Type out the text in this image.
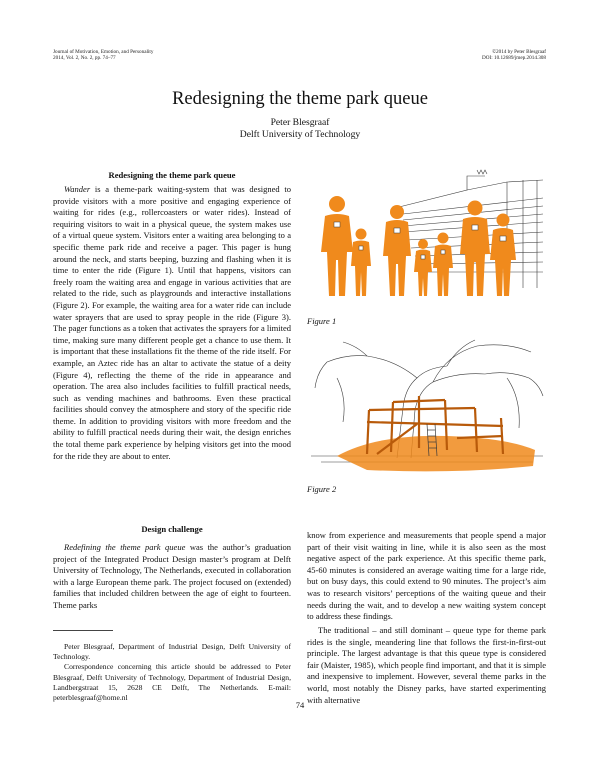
Journal of Motivation, Emotion, and Personality
2014, Vol. 2, No. 2, pp. 74–77
©2014 by Peter Blesgraaf
DOI: 10.12689/jmep.2014.308
Redesigning the theme park queue
Peter Blesgraaf
Delft University of Technology
Redesigning the theme park queue
Wander is a theme-park waiting-system that was designed to provide visitors with a more positive and engaging experience of waiting for rides (e.g., rollercoasters or water rides). Instead of requiring visitors to wait in a physical queue, the system makes use of a virtual queue system. Visitors enter a waiting area belonging to a specific theme park ride and receive a pager. This pager is hung around the neck, and starts beeping, buzzing and flashing when it is time to enter the ride (Figure 1). Until that happens, visitors can freely roam the waiting area and engage in various activities that are related to the ride, such as playgrounds and interactive installations (Figure 2). For example, the waiting area for a water ride can include water sprayers that are used to spray people in the ride (Figure 3). The pager functions as a token that activates the sprayers for a limited time, making sure many different people get a chance to use them. It is important that these installations fit the theme of the ride itself. For example, an Aztec ride has an altar to activate the statue of a deity (Figure 4), reflecting the theme of the ride in appearance and operation. The area also includes facilities to fulfill practical needs, such as vending machines and bathrooms. Even these practical facilities should convey the atmosphere and story of the specific ride theme. In addition to providing visitors with more freedom and the ability to fulfill practical needs during their wait, the design enriches the total theme park experience by helping visitors get into the mood for the ride they are about to enter.
Design challenge
Redefining the theme park queue was the author’s graduation project of the Integrated Product Design master’s program at Delft University of Technology, The Netherlands, executed in collaboration with a large European theme park. The project focused on (extended) families that included children between the age of eight to fourteen. Theme parks

Peter Blesgraaf, Department of Industrial Design, Delft University of Technology.

Correspondence concerning this article should be addressed to Peter Blesgraaf, Delft University of Technology, Department of Industrial Design, Landbergstraat 15, 2628 CE Delft, The Netherlands. E-mail: peterblesgraaf@home.nl

know from experience and measurements that people spend a major part of their visit waiting in line, while it is also seen as the most negative aspect of the park experience. At this specific theme park, 45-60 minutes is considered an average waiting time for a large ride, but on busy days, this could extend to 90 minutes. The project’s aim was to research visitors’ perceptions of the waiting queue and their needs during the wait, and to develop a new waiting system concept to address these findings.
The traditional – and still dominant – queue type for theme park rides is the single, meandering line that follows the first-in-first-out principle. The largest advantage is that this queue type is considered fair (Maister, 1985), which people find important, and that it is simple and inexpensive to implement. However, several theme parks in the world, most notably the Disney parks, have started experimenting with alternative
Figure 1
Figure 2
74
